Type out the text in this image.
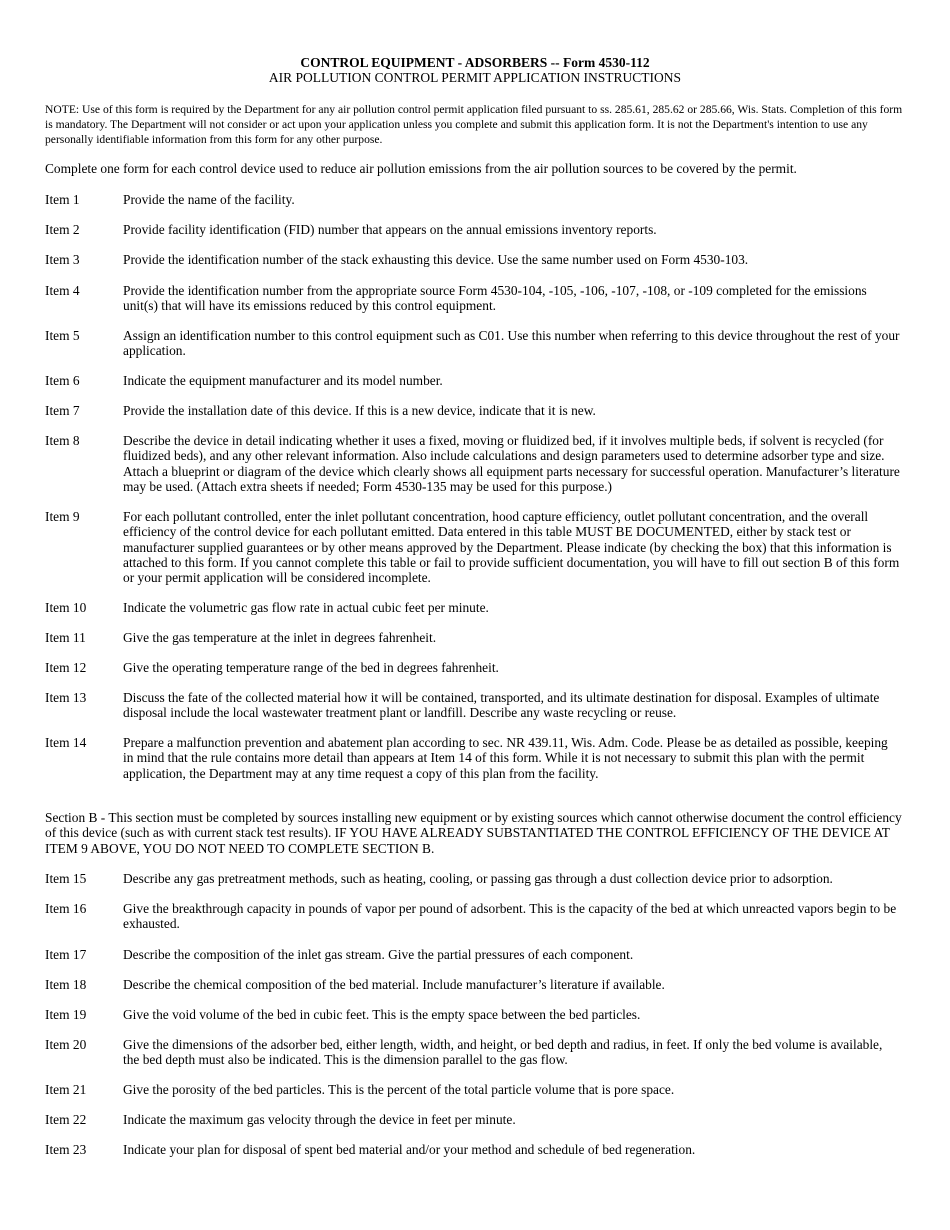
CONTROL EQUIPMENT - ADSORBERS -- Form 4530-112
AIR POLLUTION CONTROL PERMIT APPLICATION INSTRUCTIONS
NOTE: Use of this form is required by the Department for any air pollution control permit application filed pursuant to ss. 285.61, 285.62 or 285.66, Wis. Stats. Completion of this form is mandatory. The Department will not consider or act upon your application unless you complete and submit this application form. It is not the Department's intention to use any personally identifiable information from this form for any other purpose.
Complete one form for each control device used to reduce air pollution emissions from the air pollution sources to be covered by the permit.
Item 1	Provide the name of the facility.
Item 2	Provide facility identification (FID) number that appears on the annual emissions inventory reports.
Item 3	Provide the identification number of the stack exhausting this device. Use the same number used on Form 4530-103.
Item 4	Provide the identification number from the appropriate source Form 4530-104, -105, -106, -107, -108, or -109 completed for the emissions unit(s) that will have its emissions reduced by this control equipment.
Item 5	Assign an identification number to this control equipment such as C01. Use this number when referring to this device throughout the rest of your application.
Item 6	Indicate the equipment manufacturer and its model number.
Item 7	Provide the installation date of this device. If this is a new device, indicate that it is new.
Item 8	Describe the device in detail indicating whether it uses a fixed, moving or fluidized bed, if it involves multiple beds, if solvent is recycled (for fluidized beds), and any other relevant information. Also include calculations and design parameters used to determine adsorber type and size. Attach a blueprint or diagram of the device which clearly shows all equipment parts necessary for successful operation. Manufacturer’s literature may be used. (Attach extra sheets if needed; Form 4530-135 may be used for this purpose.)
Item 9	For each pollutant controlled, enter the inlet pollutant concentration, hood capture efficiency, outlet pollutant concentration, and the overall efficiency of the control device for each pollutant emitted. Data entered in this table MUST BE DOCUMENTED, either by stack test or manufacturer supplied guarantees or by other means approved by the Department. Please indicate (by checking the box) that this information is attached to this form. If you cannot complete this table or fail to provide sufficient documentation, you will have to fill out section B of this form or your permit application will be considered incomplete.
Item 10	Indicate the volumetric gas flow rate in actual cubic feet per minute.
Item 11	Give the gas temperature at the inlet in degrees fahrenheit.
Item 12	Give the operating temperature range of the bed in degrees fahrenheit.
Item 13	Discuss the fate of the collected material how it will be contained, transported, and its ultimate destination for disposal. Examples of ultimate disposal include the local wastewater treatment plant or landfill. Describe any waste recycling or reuse.
Item 14	Prepare a malfunction prevention and abatement plan according to sec. NR 439.11, Wis. Adm. Code. Please be as detailed as possible, keeping in mind that the rule contains more detail than appears at Item 14 of this form. While it is not necessary to submit this plan with the permit application, the Department may at any time request a copy of this plan from the facility.
Section B - This section must be completed by sources installing new equipment or by existing sources which cannot otherwise document the control efficiency of this device (such as with current stack test results). IF YOU HAVE ALREADY SUBSTANTIATED THE CONTROL EFFICIENCY OF THE DEVICE AT ITEM 9 ABOVE, YOU DO NOT NEED TO COMPLETE SECTION B.
Item 15	Describe any gas pretreatment methods, such as heating, cooling, or passing gas through a dust collection device prior to adsorption.
Item 16	Give the breakthrough capacity in pounds of vapor per pound of adsorbent. This is the capacity of the bed at which unreacted vapors begin to be exhausted.
Item 17	Describe the composition of the inlet gas stream. Give the partial pressures of each component.
Item 18	Describe the chemical composition of the bed material. Include manufacturer’s literature if available.
Item 19	Give the void volume of the bed in cubic feet. This is the empty space between the bed particles.
Item 20	Give the dimensions of the adsorber bed, either length, width, and height, or bed depth and radius, in feet. If only the bed volume is available, the bed depth must also be indicated. This is the dimension parallel to the gas flow.
Item 21	Give the porosity of the bed particles. This is the percent of the total particle volume that is pore space.
Item 22	Indicate the maximum gas velocity through the device in feet per minute.
Item 23	Indicate your plan for disposal of spent bed material and/or your method and schedule of bed regeneration.
